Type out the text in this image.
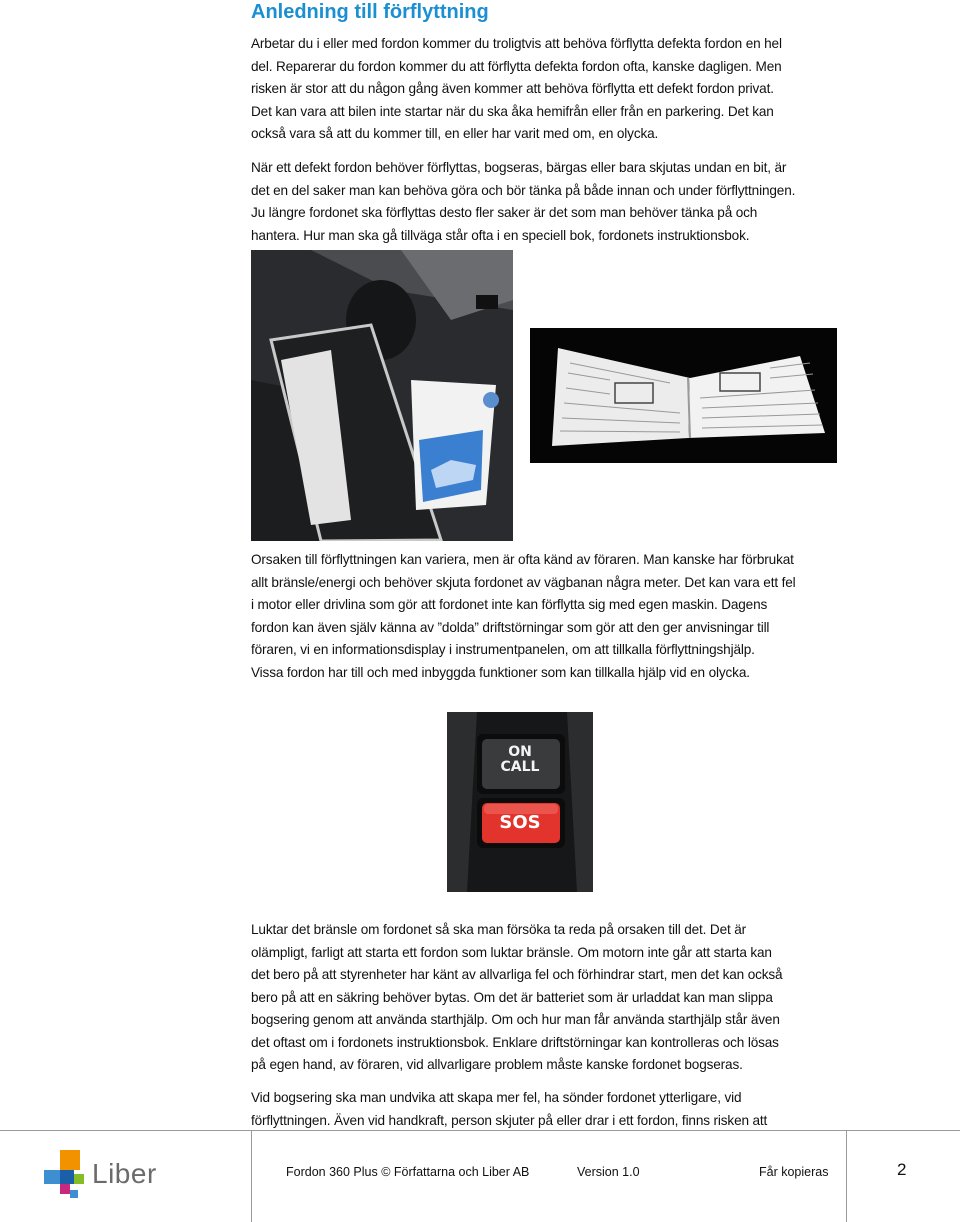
Anledning till förflyttning
Arbetar du i eller med fordon kommer du troligtvis att behöva förflytta defekta fordon en hel
del. Reparerar du fordon kommer du att förflytta defekta fordon ofta, kanske dagligen. Men
risken är stor att du någon gång även kommer att behöva förflytta ett defekt fordon privat.
Det kan vara att bilen inte startar när du ska åka hemifrån eller från en parkering. Det kan
också vara så att du kommer till, en eller har varit med om, en olycka.
När ett defekt fordon behöver förflyttas, bogseras, bärgas eller bara skjutas undan en bit, är
det en del saker man kan behöva göra och bör tänka på både innan och under förflyttningen.
Ju längre fordonet ska förflyttas desto fler saker är det som man behöver tänka på och
hantera. Hur man ska gå tillväga står ofta i en speciell bok, fordonets instruktionsbok.
Orsaken till förflyttningen kan variera, men är ofta känd av föraren. Man kanske har förbrukat
allt bränsle/energi och behöver skjuta fordonet av vägbanan några meter. Det kan vara ett fel
i motor eller drivlina som gör att fordonet inte kan förflytta sig med egen maskin. Dagens
fordon kan även själv känna av ”dolda” driftstörningar som gör att den ger anvisningar till
föraren, vi en informationsdisplay i instrumentpanelen, om att tillkalla förflyttningshjälp.
Vissa fordon har till och med inbyggda funktioner som kan tillkalla hjälp vid en olycka.
ON
CALL
SOS
Luktar det bränsle om fordonet så ska man försöka ta reda på orsaken till det. Det är
olämpligt, farligt att starta ett fordon som luktar bränsle. Om motorn inte går att starta kan
det bero på att styrenheter har känt av allvarliga fel och förhindrar start, men det kan också
bero på att en säkring behöver bytas. Om det är batteriet som är urladdat kan man slippa
bogsering genom att använda starthjälp. Om och hur man får använda starthjälp står även
det oftast om i fordonets instruktionsbok. Enklare driftstörningar kan kontrolleras och lösas
på egen hand, av föraren, vid allvarligare problem måste kanske fordonet bogseras.
Vid bogsering ska man undvika att skapa mer fel, ha sönder fordonet ytterligare, vid
förflyttningen. Även vid handkraft, person skjuter på eller drar i ett fordon, finns risken att
Liber	Fordon 360 Plus © Författarna och Liber AB	Version 1.0	Får kopieras	2
